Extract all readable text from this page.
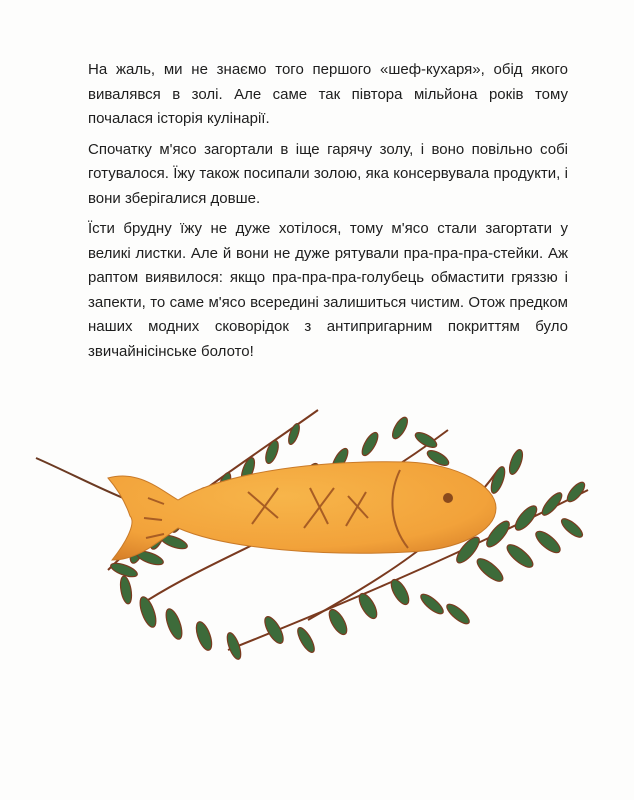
На жаль, ми не знаємо того першого «шеф-кухаря», обід якого вивалявся в золі. Але саме так півтора мільйона років тому почалася історія кулінарії.

Спочатку м'ясо загортали в іще гарячу золу, і воно повільно собі готувалося. Їжу також посипали золою, яка консервувала продукти, і вони зберігалися довше.

Їсти брудну їжу не дуже хотілося, тому м'ясо стали загортати у великі листки. Але й вони не дуже рятували пра-пра-пра-стейки. Аж раптом виявилося: якщо пра-пра-пра-голубець обмастити гряззю і запекти, то саме м'ясо всередині залишиться чистим. Отож предком наших модних сковорідок з антипригарним покриттям було звичайнісінське болото!
